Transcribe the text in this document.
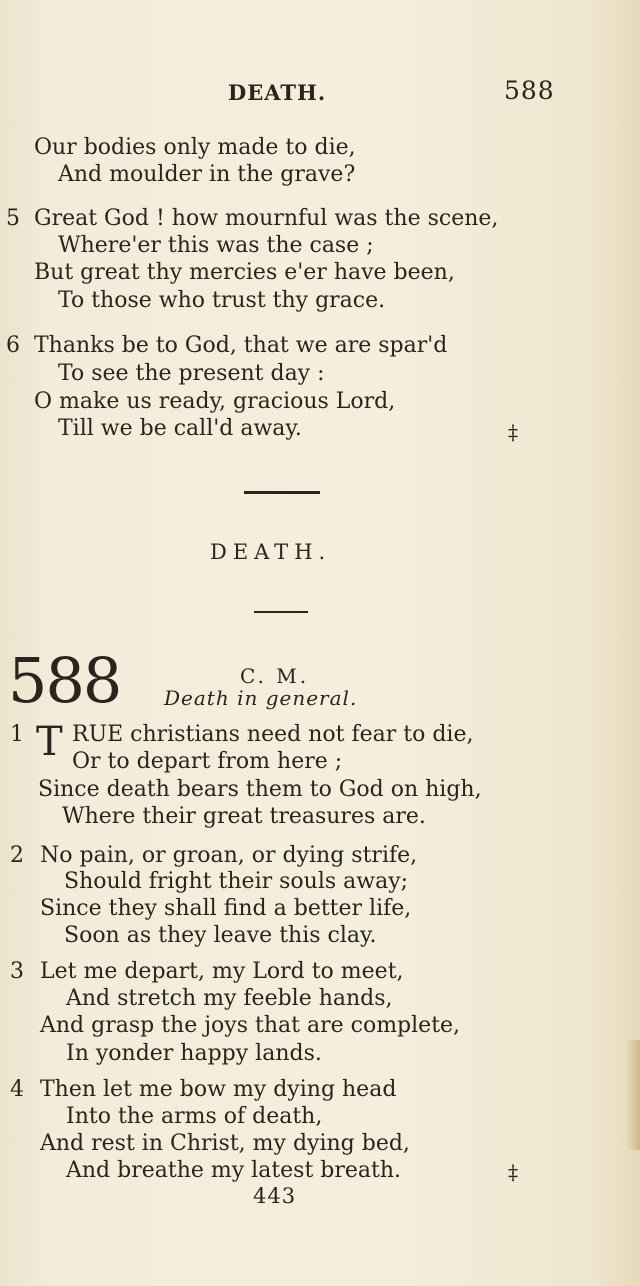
DEATH.	588
Our bodies only made to die,
And moulder in the grave?
5 Great God ! how mournful was the scene,
Where'er this was the case ;
But great thy mercies e'er have been,
To those who trust thy grace.
6 Thanks be to God, that we are spar'd
To see the present day :
O make us ready, gracious Lord,
Till we be call'd away.	‡
DEATH.
588	C. M.
Death in general.
1 T RUE christians need not fear to die,
Or to depart from here ;
Since death bears them to God on high,
Where their great treasures are.
2 No pain, or groan, or dying strife,
Should fright their souls away;
Since they shall find a better life,
Soon as they leave this clay.
3 Let me depart, my Lord to meet,
And stretch my feeble hands,
And grasp the joys that are complete,
In yonder happy lands.
4 Then let me bow my dying head
Into the arms of death,
And rest in Christ, my dying bed,
And breathe my latest breath.	‡
443
